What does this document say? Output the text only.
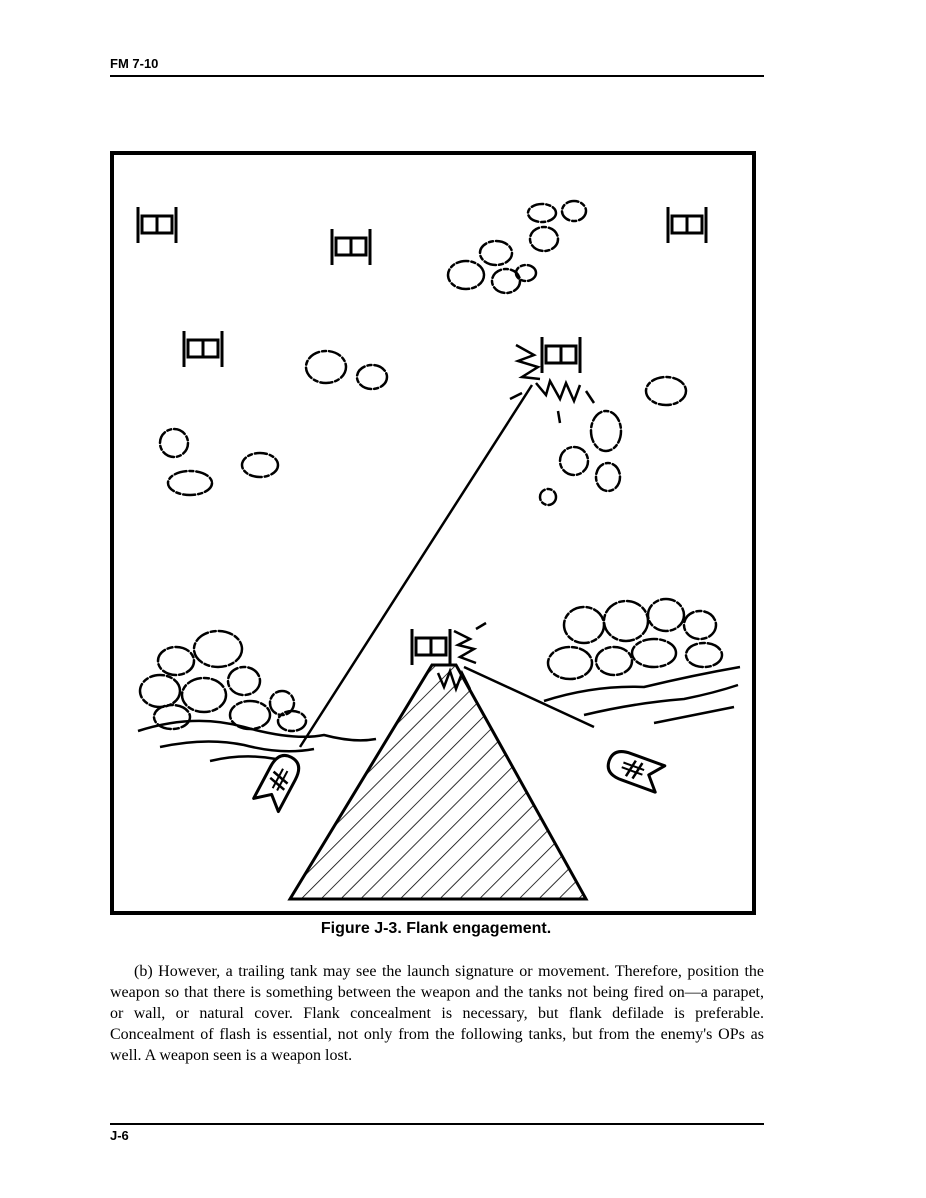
FM 7-10
Figure J-3. Flank engagement.

(b) However, a trailing tank may see the launch signature or movement. Therefore, position the weapon so that there is something between the weapon and the tanks not being fired on—a parapet, or wall, or natural cover. Flank concealment is necessary, but flank defilade is preferable. Concealment of flash is essential, not only from the following tanks, but from the enemy's OPs as well. A weapon seen is a weapon lost.

J-6
